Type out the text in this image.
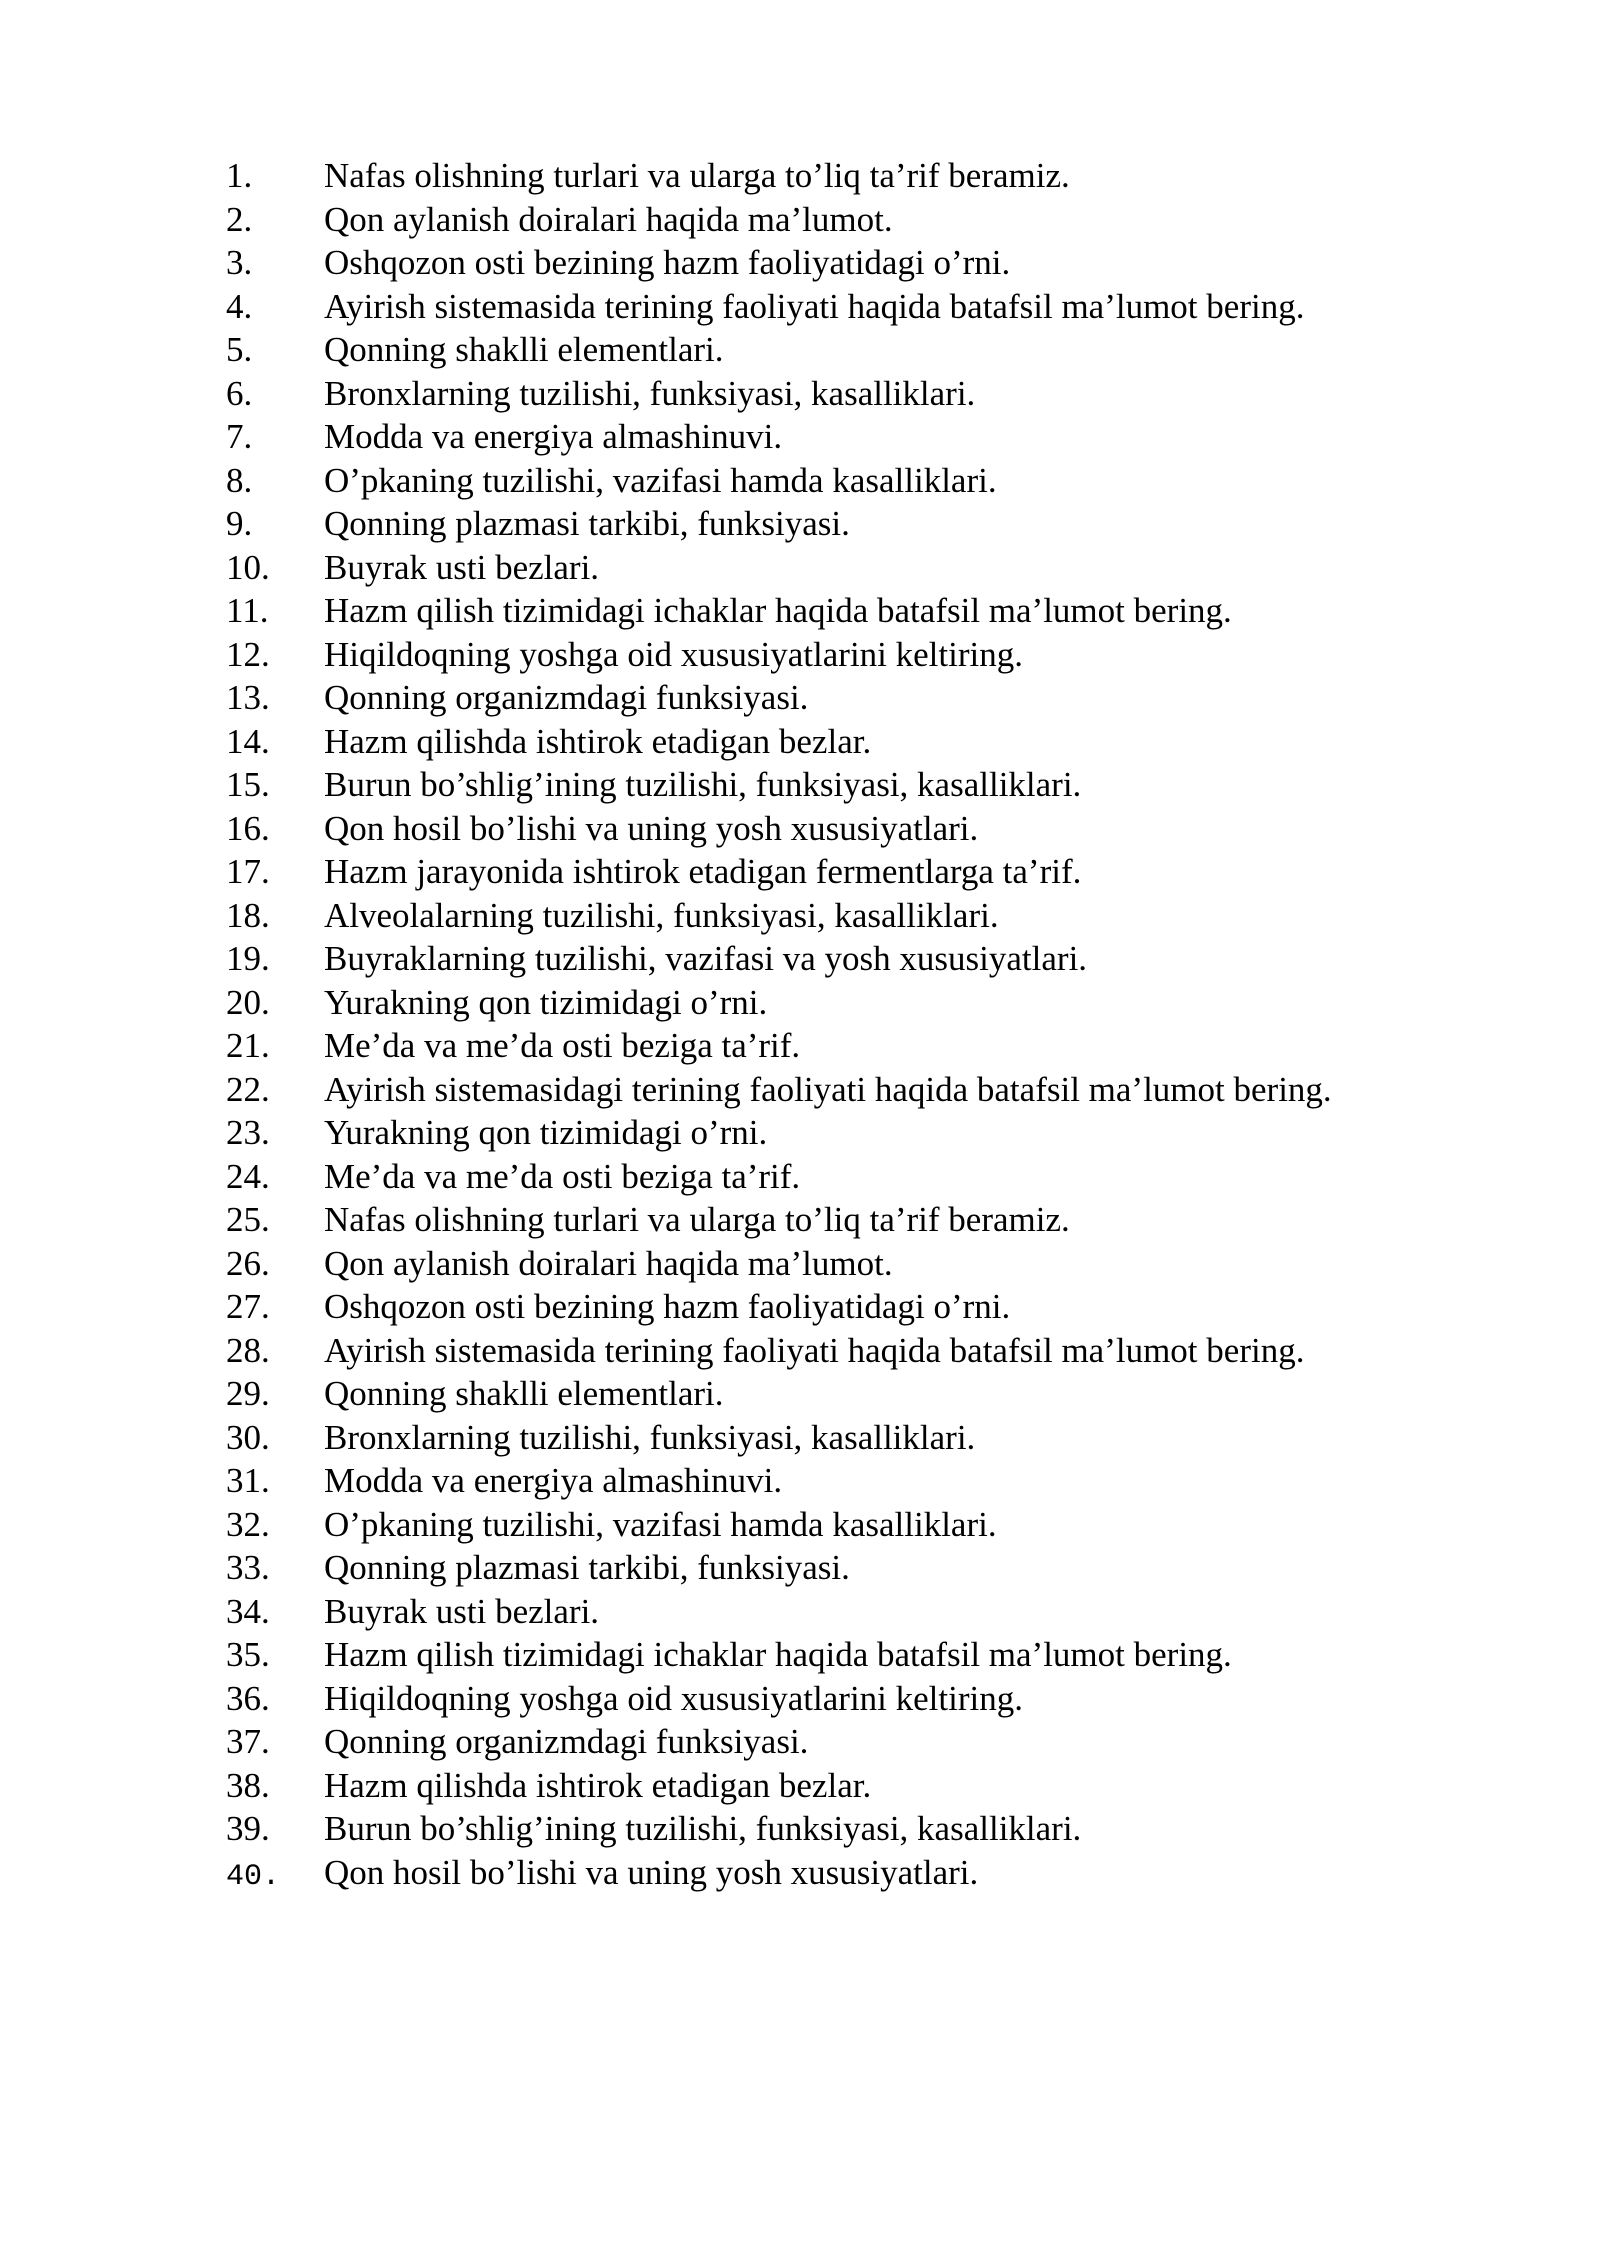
1.	Nafas olishning turlari va ularga to’liq ta’rif beramiz.
2.	Qon aylanish doiralari haqida ma’lumot.
3.	Oshqozon osti bezining hazm faoliyatidagi o’rni.
4.	Ayirish sistemasida terining faoliyati haqida batafsil ma’lumot bering.
5.	Qonning shaklli elementlari.
6.	Bronxlarning tuzilishi, funksiyasi, kasalliklari.
7.	Modda va energiya almashinuvi.
8.	O’pkaning tuzilishi, vazifasi hamda kasalliklari.
9.	Qonning plazmasi tarkibi, funksiyasi.
10.	Buyrak usti bezlari.
11.	Hazm qilish tizimidagi ichaklar haqida batafsil ma’lumot bering.
12.	Hiqildoqning yoshga oid xususiyatlarini keltiring.
13.	Qonning organizmdagi funksiyasi.
14.	Hazm qilishda ishtirok etadigan bezlar.
15.	Burun bo’shlig’ining tuzilishi, funksiyasi, kasalliklari.
16.	Qon hosil bo’lishi va uning yosh xususiyatlari.
17.	Hazm jarayonida ishtirok etadigan fermentlarga ta’rif.
18.	Alveolalarning tuzilishi, funksiyasi, kasalliklari.
19.	Buyraklarning tuzilishi, vazifasi va yosh xususiyatlari.
20.	Yurakning qon tizimidagi o’rni.
21.	Me’da va me’da osti beziga ta’rif.
22.	Ayirish sistemasidagi terining faoliyati haqida batafsil ma’lumot bering.
23.	Yurakning qon tizimidagi o’rni.
24.	Me’da va me’da osti beziga ta’rif.
25.	Nafas olishning turlari va ularga to’liq ta’rif beramiz.
26.	Qon aylanish doiralari haqida ma’lumot.
27.	Oshqozon osti bezining hazm faoliyatidagi o’rni.
28.	Ayirish sistemasida terining faoliyati haqida batafsil ma’lumot bering.
29.	Qonning shaklli elementlari.
30.	Bronxlarning tuzilishi, funksiyasi, kasalliklari.
31.	Modda va energiya almashinuvi.
32.	O’pkaning tuzilishi, vazifasi hamda kasalliklari.
33.	Qonning plazmasi tarkibi, funksiyasi.
34.	Buyrak usti bezlari.
35.	Hazm qilish tizimidagi ichaklar haqida batafsil ma’lumot bering.
36.	Hiqildoqning yoshga oid xususiyatlarini keltiring.
37.	Qonning organizmdagi funksiyasi.
38.	Hazm qilishda ishtirok etadigan bezlar.
39.	Burun bo’shlig’ining tuzilishi, funksiyasi, kasalliklari.
40.	Qon hosil bo’lishi va uning yosh xususiyatlari.
